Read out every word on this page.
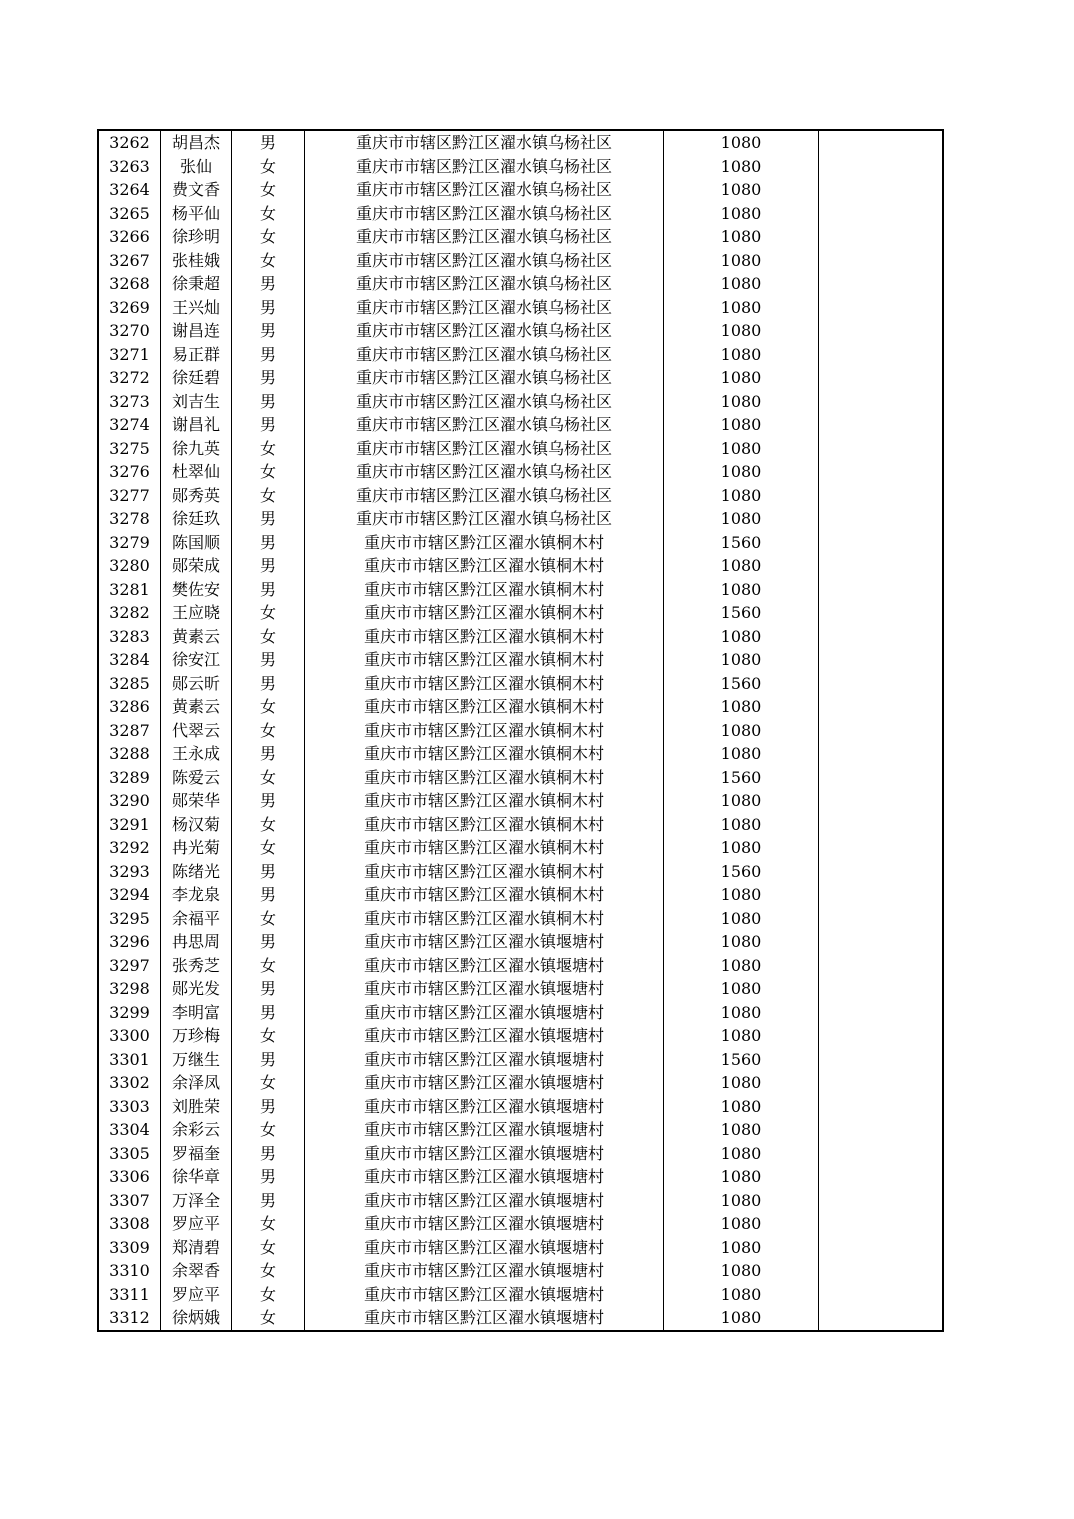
3262	胡昌杰	男	重庆市市辖区黔江区濯水镇乌杨社区	1080	
3263	张仙	女	重庆市市辖区黔江区濯水镇乌杨社区	1080	
3264	费文香	女	重庆市市辖区黔江区濯水镇乌杨社区	1080	
3265	杨平仙	女	重庆市市辖区黔江区濯水镇乌杨社区	1080	
3266	徐珍明	女	重庆市市辖区黔江区濯水镇乌杨社区	1080	
3267	张桂娥	女	重庆市市辖区黔江区濯水镇乌杨社区	1080	
3268	徐秉超	男	重庆市市辖区黔江区濯水镇乌杨社区	1080	
3269	王兴灿	男	重庆市市辖区黔江区濯水镇乌杨社区	1080	
3270	谢昌连	男	重庆市市辖区黔江区濯水镇乌杨社区	1080	
3271	易正群	男	重庆市市辖区黔江区濯水镇乌杨社区	1080	
3272	徐廷碧	男	重庆市市辖区黔江区濯水镇乌杨社区	1080	
3273	刘吉生	男	重庆市市辖区黔江区濯水镇乌杨社区	1080	
3274	谢昌礼	男	重庆市市辖区黔江区濯水镇乌杨社区	1080	
3275	徐九英	女	重庆市市辖区黔江区濯水镇乌杨社区	1080	
3276	杜翠仙	女	重庆市市辖区黔江区濯水镇乌杨社区	1080	
3277	郧秀英	女	重庆市市辖区黔江区濯水镇乌杨社区	1080	
3278	徐廷玖	男	重庆市市辖区黔江区濯水镇乌杨社区	1080	
3279	陈国顺	男	重庆市市辖区黔江区濯水镇桐木村	1560	
3280	郧荣成	男	重庆市市辖区黔江区濯水镇桐木村	1080	
3281	樊佐安	男	重庆市市辖区黔江区濯水镇桐木村	1080	
3282	王应晓	女	重庆市市辖区黔江区濯水镇桐木村	1560	
3283	黄素云	女	重庆市市辖区黔江区濯水镇桐木村	1080	
3284	徐安江	男	重庆市市辖区黔江区濯水镇桐木村	1080	
3285	郧云昕	男	重庆市市辖区黔江区濯水镇桐木村	1560	
3286	黄素云	女	重庆市市辖区黔江区濯水镇桐木村	1080	
3287	代翠云	女	重庆市市辖区黔江区濯水镇桐木村	1080	
3288	王永成	男	重庆市市辖区黔江区濯水镇桐木村	1080	
3289	陈爱云	女	重庆市市辖区黔江区濯水镇桐木村	1560	
3290	郧荣华	男	重庆市市辖区黔江区濯水镇桐木村	1080	
3291	杨汉菊	女	重庆市市辖区黔江区濯水镇桐木村	1080	
3292	冉光菊	女	重庆市市辖区黔江区濯水镇桐木村	1080	
3293	陈绪光	男	重庆市市辖区黔江区濯水镇桐木村	1560	
3294	李龙泉	男	重庆市市辖区黔江区濯水镇桐木村	1080	
3295	余福平	女	重庆市市辖区黔江区濯水镇桐木村	1080	
3296	冉思周	男	重庆市市辖区黔江区濯水镇堰塘村	1080	
3297	张秀芝	女	重庆市市辖区黔江区濯水镇堰塘村	1080	
3298	郧光发	男	重庆市市辖区黔江区濯水镇堰塘村	1080	
3299	李明富	男	重庆市市辖区黔江区濯水镇堰塘村	1080	
3300	万珍梅	女	重庆市市辖区黔江区濯水镇堰塘村	1080	
3301	万继生	男	重庆市市辖区黔江区濯水镇堰塘村	1560	
3302	余泽凤	女	重庆市市辖区黔江区濯水镇堰塘村	1080	
3303	刘胜荣	男	重庆市市辖区黔江区濯水镇堰塘村	1080	
3304	余彩云	女	重庆市市辖区黔江区濯水镇堰塘村	1080	
3305	罗福奎	男	重庆市市辖区黔江区濯水镇堰塘村	1080	
3306	徐华章	男	重庆市市辖区黔江区濯水镇堰塘村	1080	
3307	万泽全	男	重庆市市辖区黔江区濯水镇堰塘村	1080	
3308	罗应平	女	重庆市市辖区黔江区濯水镇堰塘村	1080	
3309	郑清碧	女	重庆市市辖区黔江区濯水镇堰塘村	1080	
3310	余翠香	女	重庆市市辖区黔江区濯水镇堰塘村	1080	
3311	罗应平	女	重庆市市辖区黔江区濯水镇堰塘村	1080	
3312	徐炳娥	女	重庆市市辖区黔江区濯水镇堰塘村	1080	
